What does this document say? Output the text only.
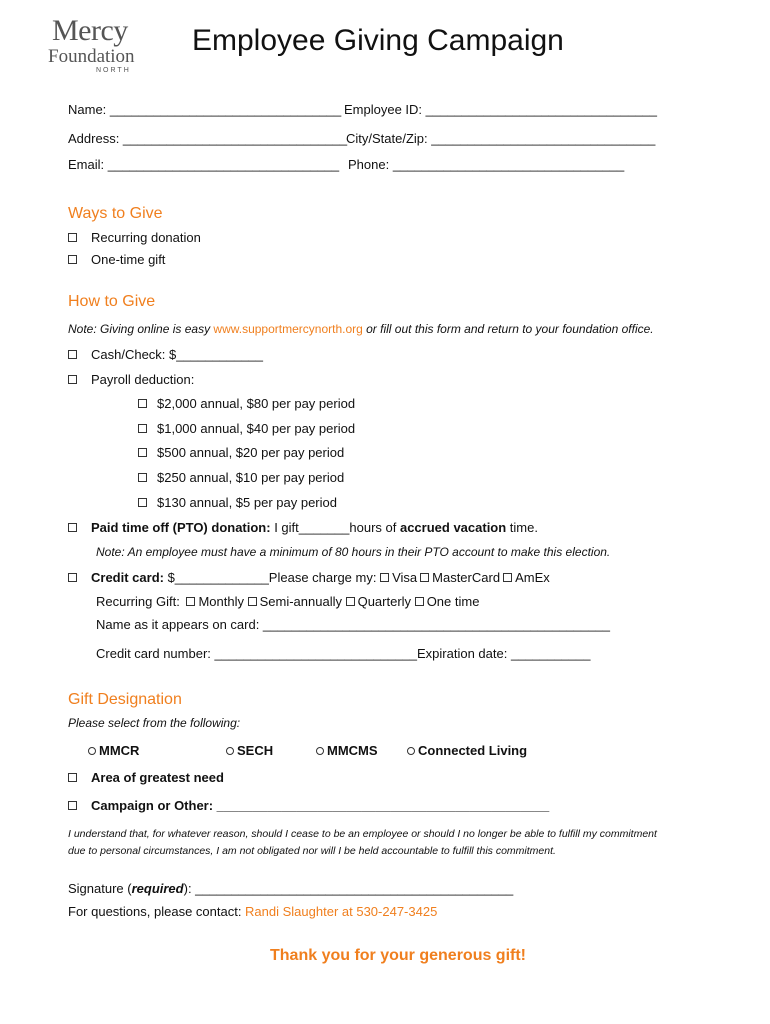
Mercy
Foundation
NORTH
Employee Giving Campaign
Name: ________________________________ Employee ID: ________________________________
Address: _______________________________
City/State/Zip: _______________________________
Email: ________________________________ Phone: ________________________________
Ways to Give
Recurring donation
One-time gift
How to Give
Note: Giving online is easy www.supportmercynorth.org or fill out this form and return to your foundation office.
Cash/Check: $____________
Payroll deduction:
$2,000 annual, $80 per pay period
$1,000 annual, $40 per pay period
$500 annual, $20 per pay period
$250 annual, $10 per pay period
$130 annual, $5 per pay period
Paid time off (PTO) donation: I gift_______hours of accrued vacation time.
Note: An employee must have a minimum of 80 hours in their PTO account to make this election.
Credit card: $_____________Please charge my: Visa MasterCard AmEx
Recurring Gift: Monthly Semi-annually Quarterly One time
Name as it appears on card: ________________________________________________
Credit card number: ____________________________ Expiration date: ___________
Gift Designation
Please select from the following:
MMCR	SECH	MMCMS	Connected Living
Area of greatest need
Campaign or Other: ______________________________________________
I understand that, for whatever reason, should I cease to be an employee or should I no longer be able to fulfill my commitment
due to personal circumstances, I am not obligated nor will I be held accountable to fulfill this commitment.
Signature (required): ____________________________________________
For questions, please contact: Randi Slaughter at 530-247-3425
Thank you for your generous gift!
